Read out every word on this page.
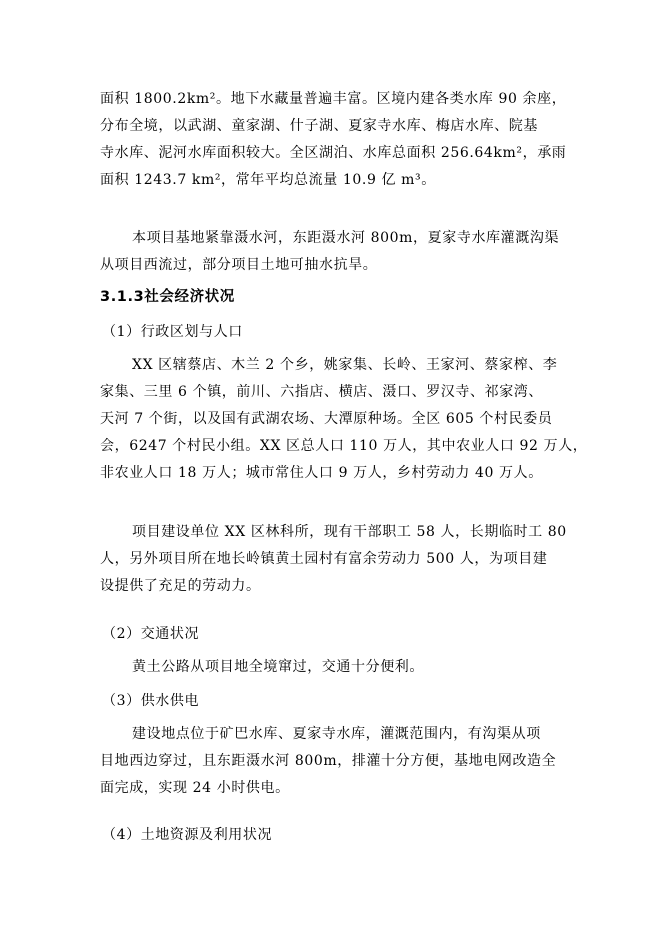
面积 1800.2km²。地下水藏量普遍丰富。区境内建各类水库 90 余座，
分布全境，以武湖、童家湖、什子湖、夏家寺水库、梅店水库、院基
寺水库、泥河水库面积较大。全区湖泊、水库总面积 256.64km²，承雨
面积 1243.7 km²，常年平均总流量 10.9 亿 m³。
本项目基地紧靠滠水河，东距滠水河 800m，夏家寺水库灌溉沟渠
从项目西流过，部分项目土地可抽水抗旱。
3.1.3社会经济状况
（1）行政区划与人口
XX 区辖蔡店、木兰 2 个乡，姚家集、长岭、王家河、蔡家榨、李
家集、三里 6 个镇，前川、六指店、横店、滠口、罗汉寺、祁家湾、
天河 7 个街，以及国有武湖农场、大潭原种场。全区 605 个村民委员
会，6247 个村民小组。XX 区总人口 110 万人，其中农业人口 92 万人，
非农业人口 18 万人；城市常住人口 9 万人，乡村劳动力 40 万人。
项目建设单位 XX 区林科所，现有干部职工 58 人，长期临时工 80
人，另外项目所在地长岭镇黄土园村有富余劳动力 500 人，为项目建
设提供了充足的劳动力。
（2）交通状况
黄土公路从项目地全境窜过，交通十分便利。
（3）供水供电
建设地点位于矿巴水库、夏家寺水库，灌溉范围内，有沟渠从项
目地西边穿过，且东距滠水河 800m，排灌十分方便，基地电网改造全
面完成，实现 24 小时供电。
（4）土地资源及利用状况
